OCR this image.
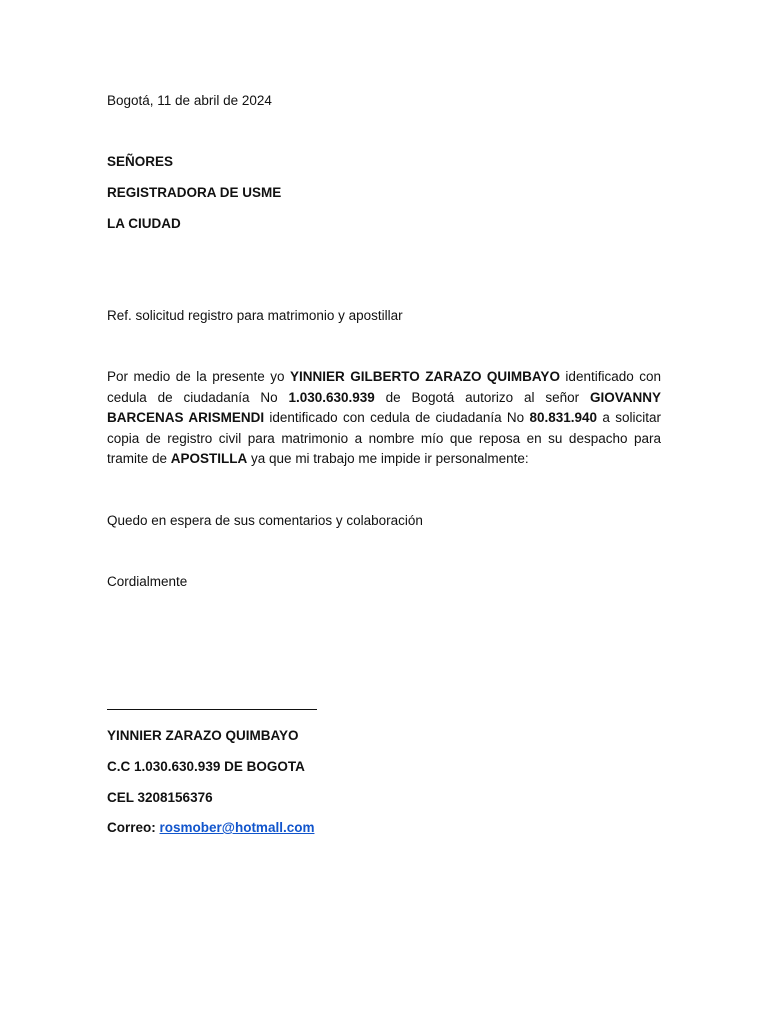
Bogotá, 11 de abril de 2024
SEÑORES
REGISTRADORA DE USME
LA CIUDAD
Ref. solicitud registro para matrimonio y apostillar
Por medio de la presente yo YINNIER GILBERTO ZARAZO QUIMBAYO identificado con cedula de ciudadanía No 1.030.630.939 de Bogotá autorizo al señor GIOVANNY BARCENAS ARISMENDI identificado con cedula de ciudadanía No 80.831.940 a solicitar copia de registro civil para matrimonio a nombre mío que reposa en su despacho para tramite de APOSTILLA ya que mi trabajo me impide ir personalmente:
Quedo en espera de sus comentarios y colaboración
Cordialmente
YINNIER ZARAZO QUIMBAYO
C.C 1.030.630.939 DE BOGOTA
CEL 3208156376
Correo: rosmober@hotmall.com
